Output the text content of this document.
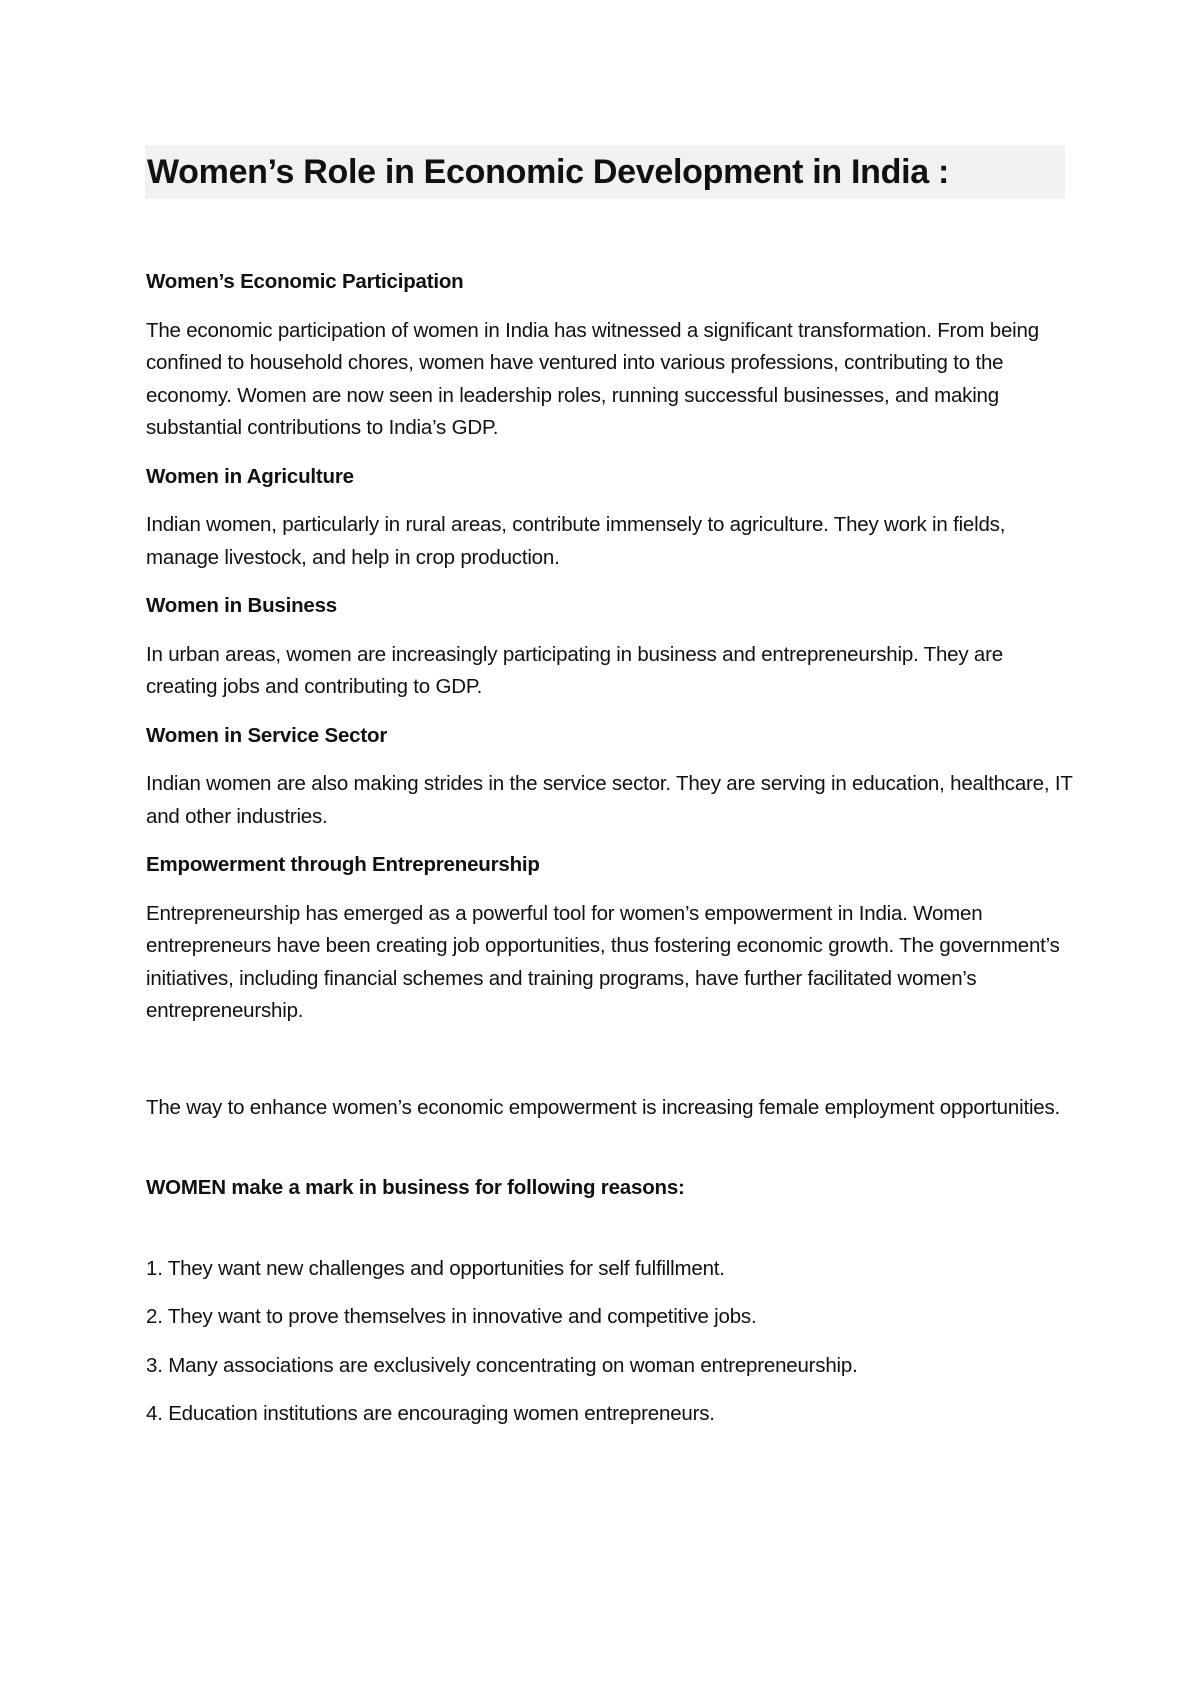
Women’s Role in Economic Development in India :

Women’s Economic Participation

The economic participation of women in India has witnessed a significant transformation. From being confined to household chores, women have ventured into various professions, contributing to the economy. Women are now seen in leadership roles, running successful businesses, and making substantial contributions to India’s GDP.

Women in Agriculture

Indian women, particularly in rural areas, contribute immensely to agriculture. They work in fields, manage livestock, and help in crop production.

Women in Business

In urban areas, women are increasingly participating in business and entrepreneurship. They are creating jobs and contributing to GDP.

Women in Service Sector

Indian women are also making strides in the service sector. They are serving in education, healthcare, IT and other industries.

Empowerment through Entrepreneurship

Entrepreneurship has emerged as a powerful tool for women’s empowerment in India. Women entrepreneurs have been creating job opportunities, thus fostering economic growth. The government’s initiatives, including financial schemes and training programs, have further facilitated women’s entrepreneurship.

The way to enhance women’s economic empowerment is increasing female employment opportunities.

WOMEN make a mark in business for following reasons:

1. They want new challenges and opportunities for self fulfillment.
2. They want to prove themselves in innovative and competitive jobs.
3. Many associations are exclusively concentrating on woman entrepreneurship.
4. Education institutions are encouraging women entrepreneurs.
